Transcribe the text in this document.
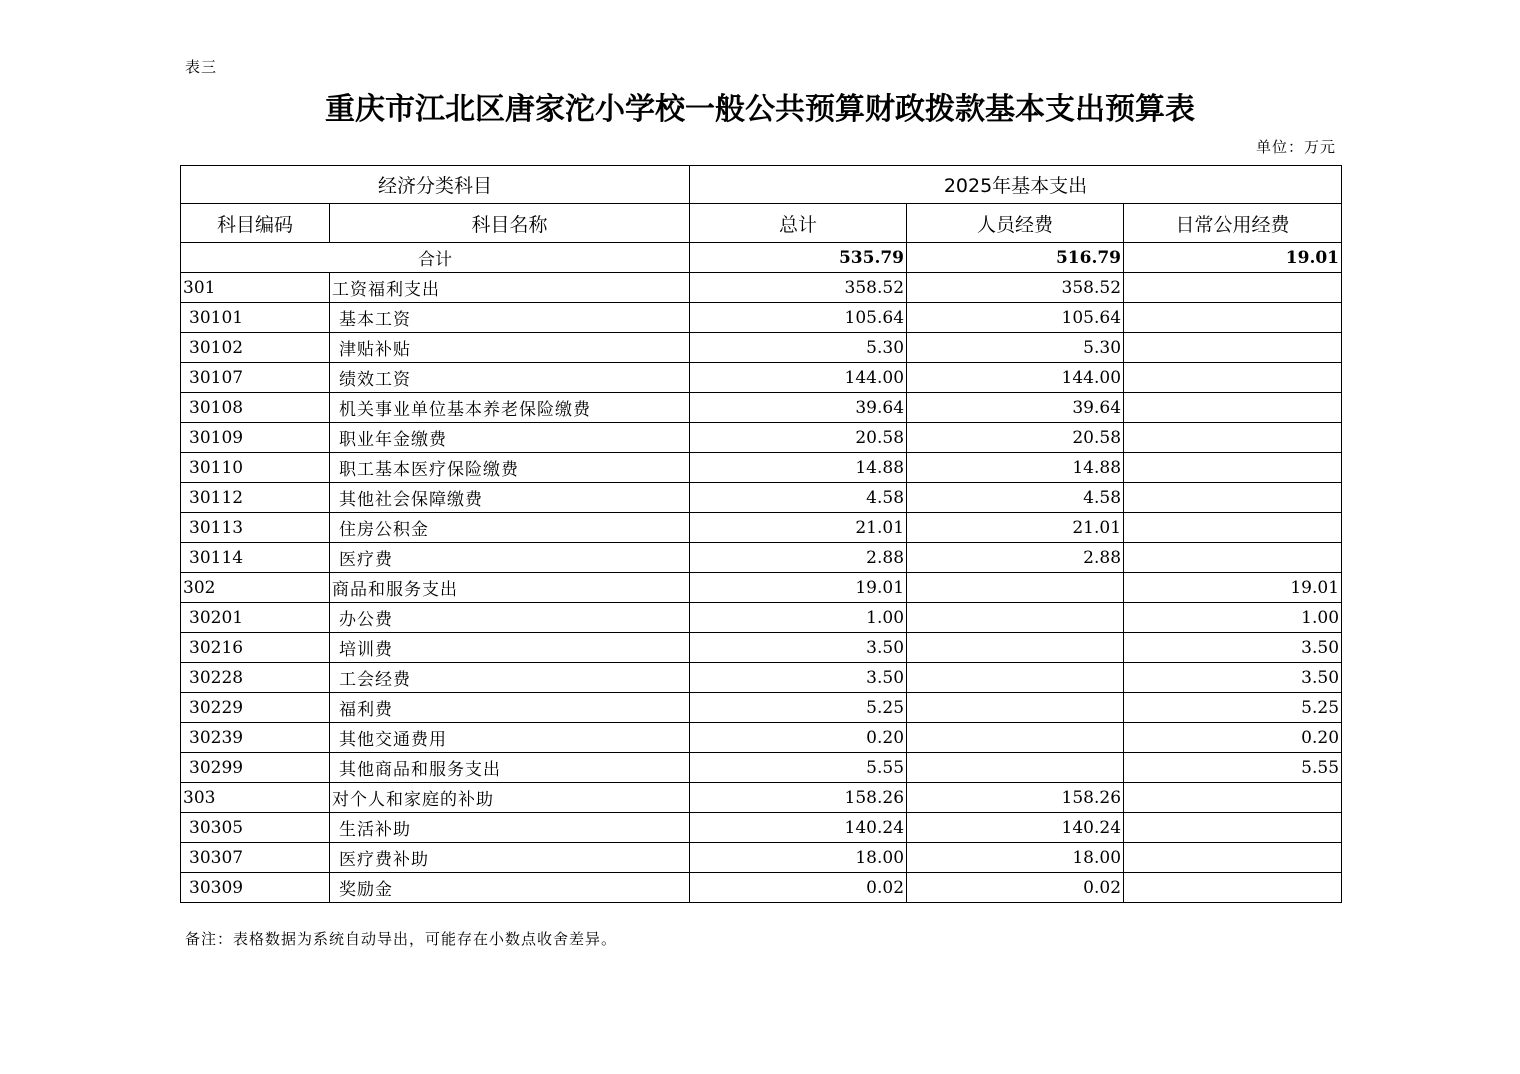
表三
重庆市江北区唐家沱小学校一般公共预算财政拨款基本支出预算表
单位：万元
经济分类科目		2025年基本支出		
科目编码	科目名称	总计	人员经费	日常公用经费
合计		535.79	516.79	19.01
301	工资福利支出	358.52	358.52	
30101	基本工资	105.64	105.64	
30102	津贴补贴	5.30	5.30	
30107	绩效工资	144.00	144.00	
30108	机关事业单位基本养老保险缴费	39.64	39.64	
30109	职业年金缴费	20.58	20.58	
30110	职工基本医疗保险缴费	14.88	14.88	
30112	其他社会保障缴费	4.58	4.58	
30113	住房公积金	21.01	21.01	
30114	医疗费	2.88	2.88	
302	商品和服务支出	19.01		19.01
30201	办公费	1.00		1.00
30216	培训费	3.50		3.50
30228	工会经费	3.50		3.50
30229	福利费	5.25		5.25
30239	其他交通费用	0.20		0.20
30299	其他商品和服务支出	5.55		5.55
303	对个人和家庭的补助	158.26	158.26	
30305	生活补助	140.24	140.24	
30307	医疗费补助	18.00	18.00	
30309	奖励金	0.02	0.02	
备注：表格数据为系统自动导出，可能存在小数点收舍差异。
